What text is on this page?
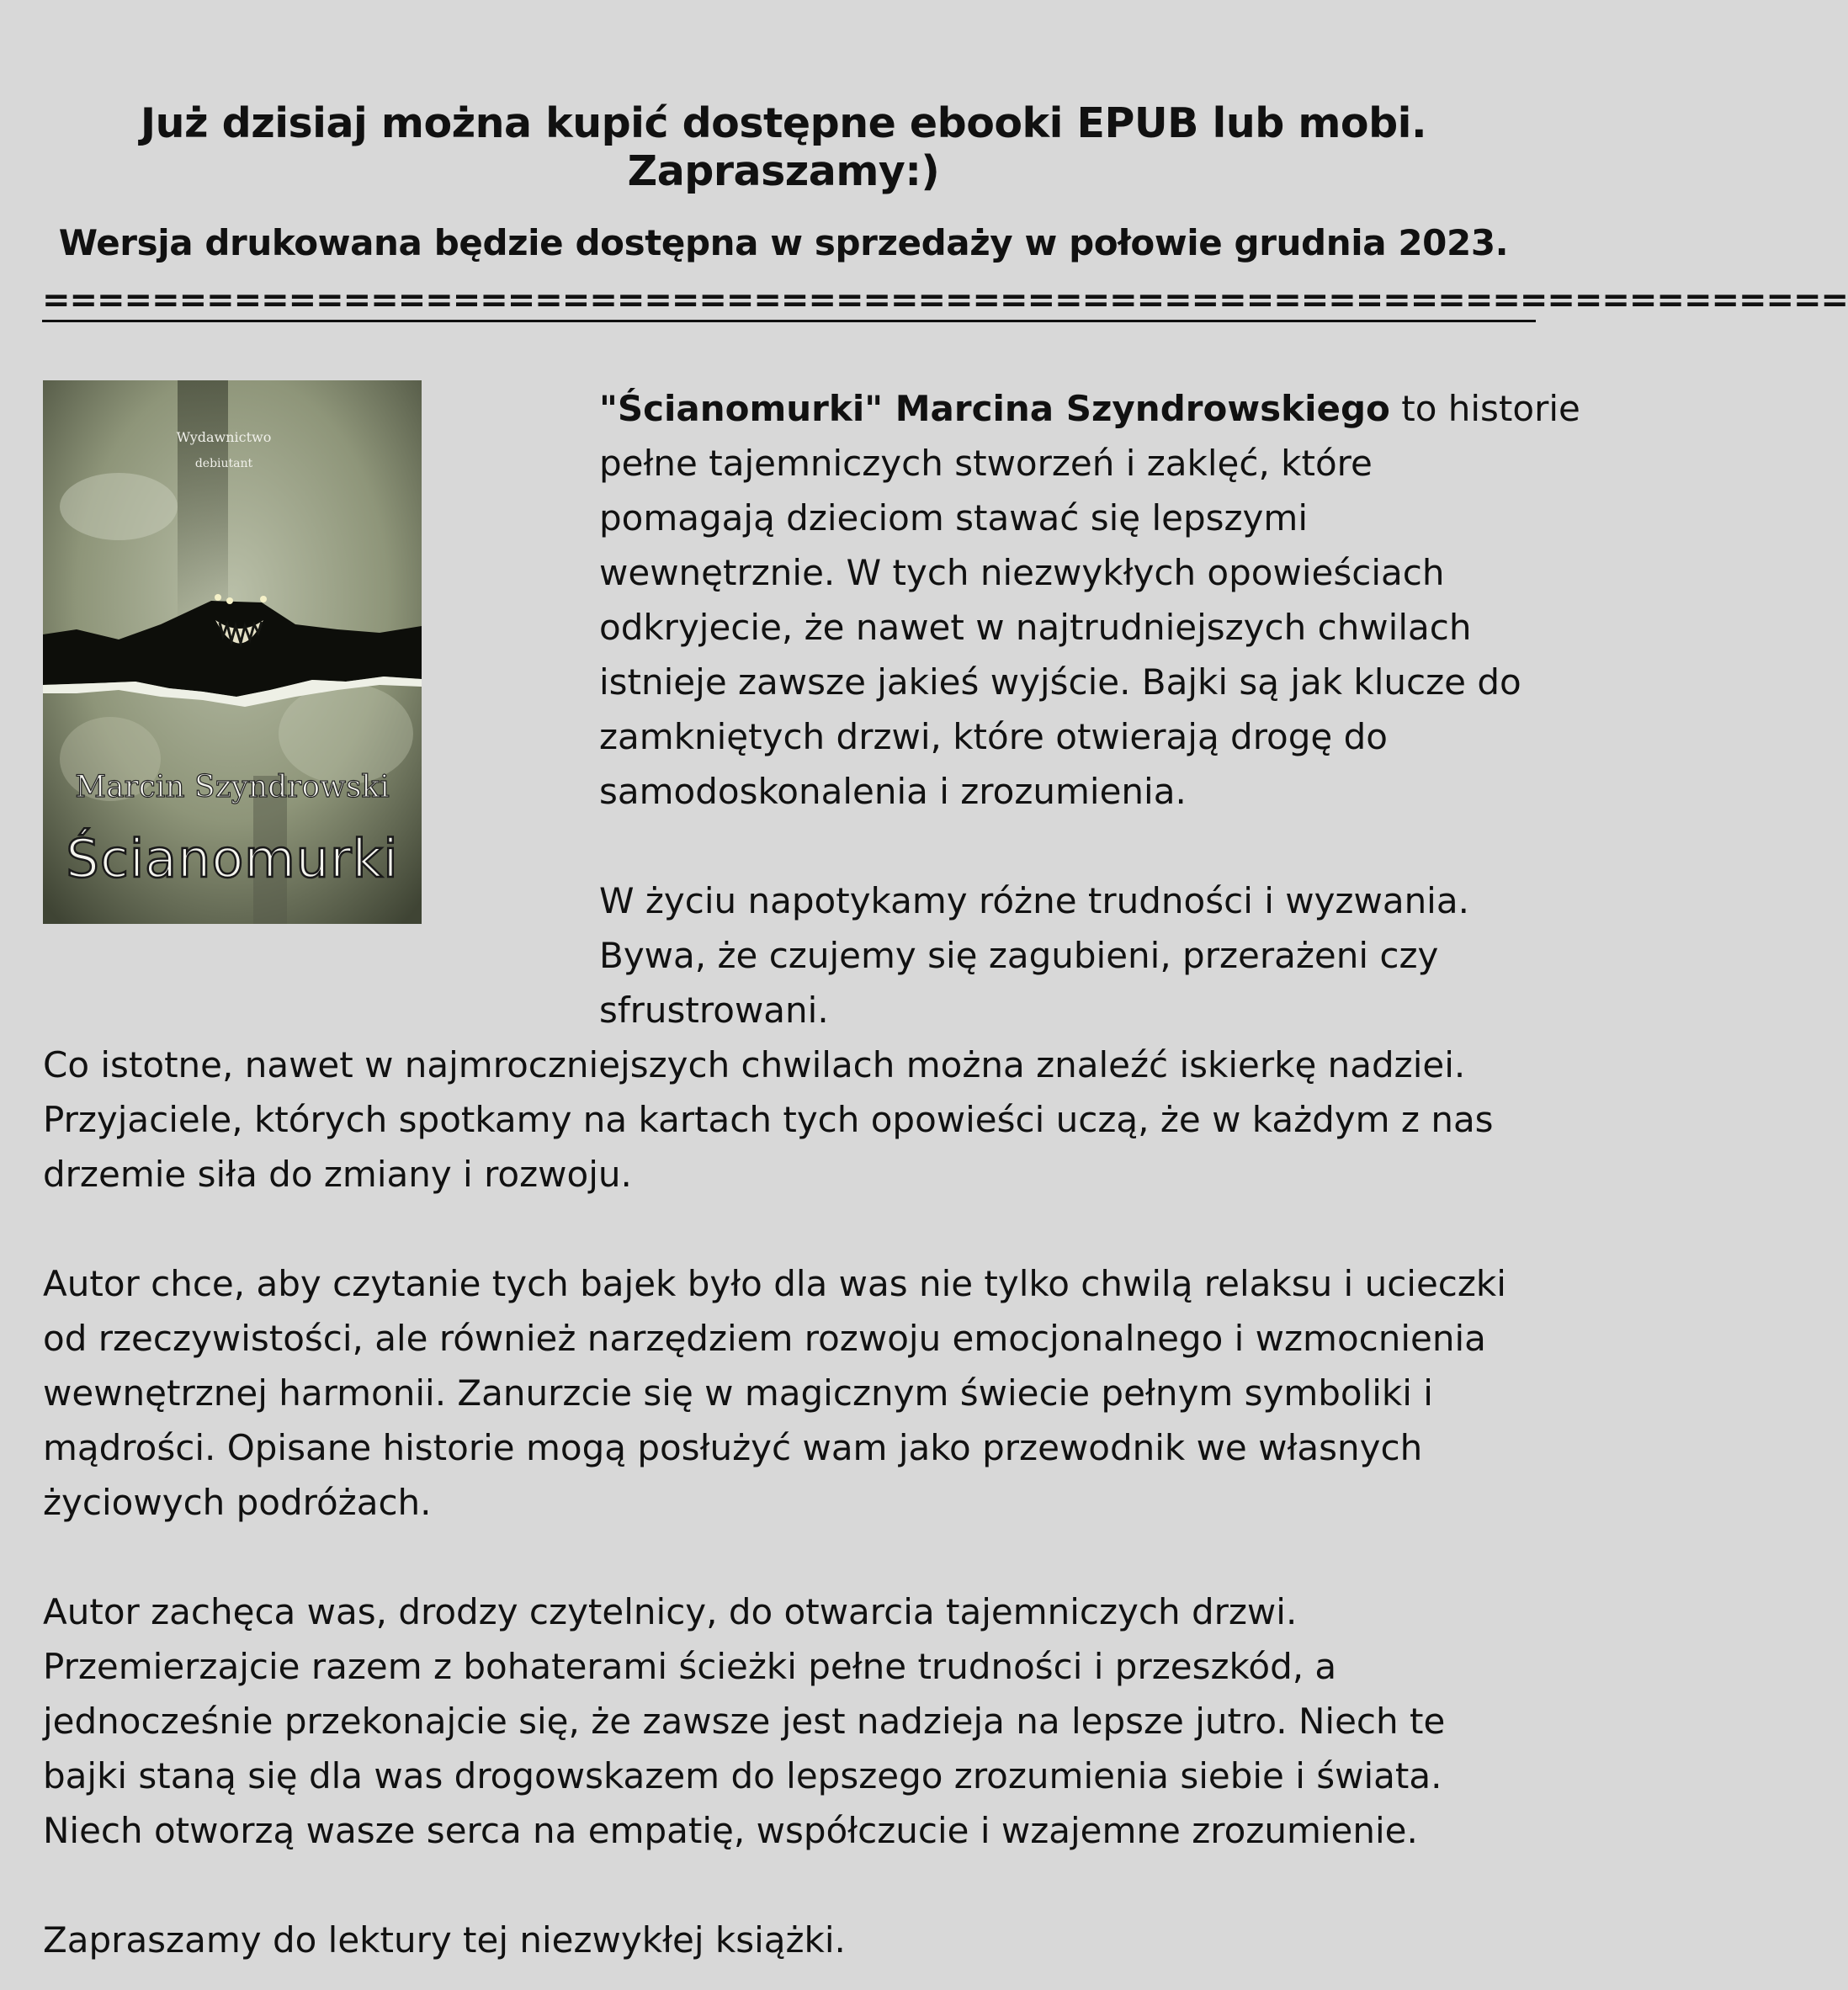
Już dzisiaj można kupić dostępne ebooki EPUB lub mobi. Zapraszamy:)
Wersja drukowana będzie dostępna w sprzedaży w połowie grudnia 2023.
==================================================================
Wydawnictwo
debiutant
Marcin Szyndrowski
Ścianomurki
"Ścianomurki" Marcina Szyndrowskiego to historie
pełne tajemniczych stworzeń i zaklęć, które
pomagają dzieciom stawać się lepszymi
wewnętrznie. W tych niezwykłych opowieściach
odkryjecie, że nawet w najtrudniejszych chwilach
istnieje zawsze jakieś wyjście. Bajki są jak klucze do
zamkniętych drzwi, które otwierają drogę do
samodoskonalenia i zrozumienia.
W życiu napotykamy różne trudności i wyzwania.
Bywa, że czujemy się zagubieni, przerażeni czy
sfrustrowani.
Co istotne, nawet w najmroczniejszych chwilach można znaleźć iskierkę nadziei.
Przyjaciele, których spotkamy na kartach tych opowieści uczą, że w każdym z nas
drzemie siła do zmiany i rozwoju.
Autor chce, aby czytanie tych bajek było dla was nie tylko chwilą relaksu i ucieczki
od rzeczywistości, ale również narzędziem rozwoju emocjonalnego i wzmocnienia
wewnętrznej harmonii. Zanurzcie się w magicznym świecie pełnym symboliki i
mądrości. Opisane historie mogą posłużyć wam jako przewodnik we własnych
życiowych podróżach.
Autor zachęca was, drodzy czytelnicy, do otwarcia tajemniczych drzwi.
Przemierzajcie razem z bohaterami ścieżki pełne trudności i przeszkód, a
jednocześnie przekonajcie się, że zawsze jest nadzieja na lepsze jutro. Niech te
bajki staną się dla was drogowskazem do lepszego zrozumienia siebie i świata.
Niech otworzą wasze serca na empatię, współczucie i wzajemne zrozumienie.
Zapraszamy do lektury tej niezwykłej książki.
